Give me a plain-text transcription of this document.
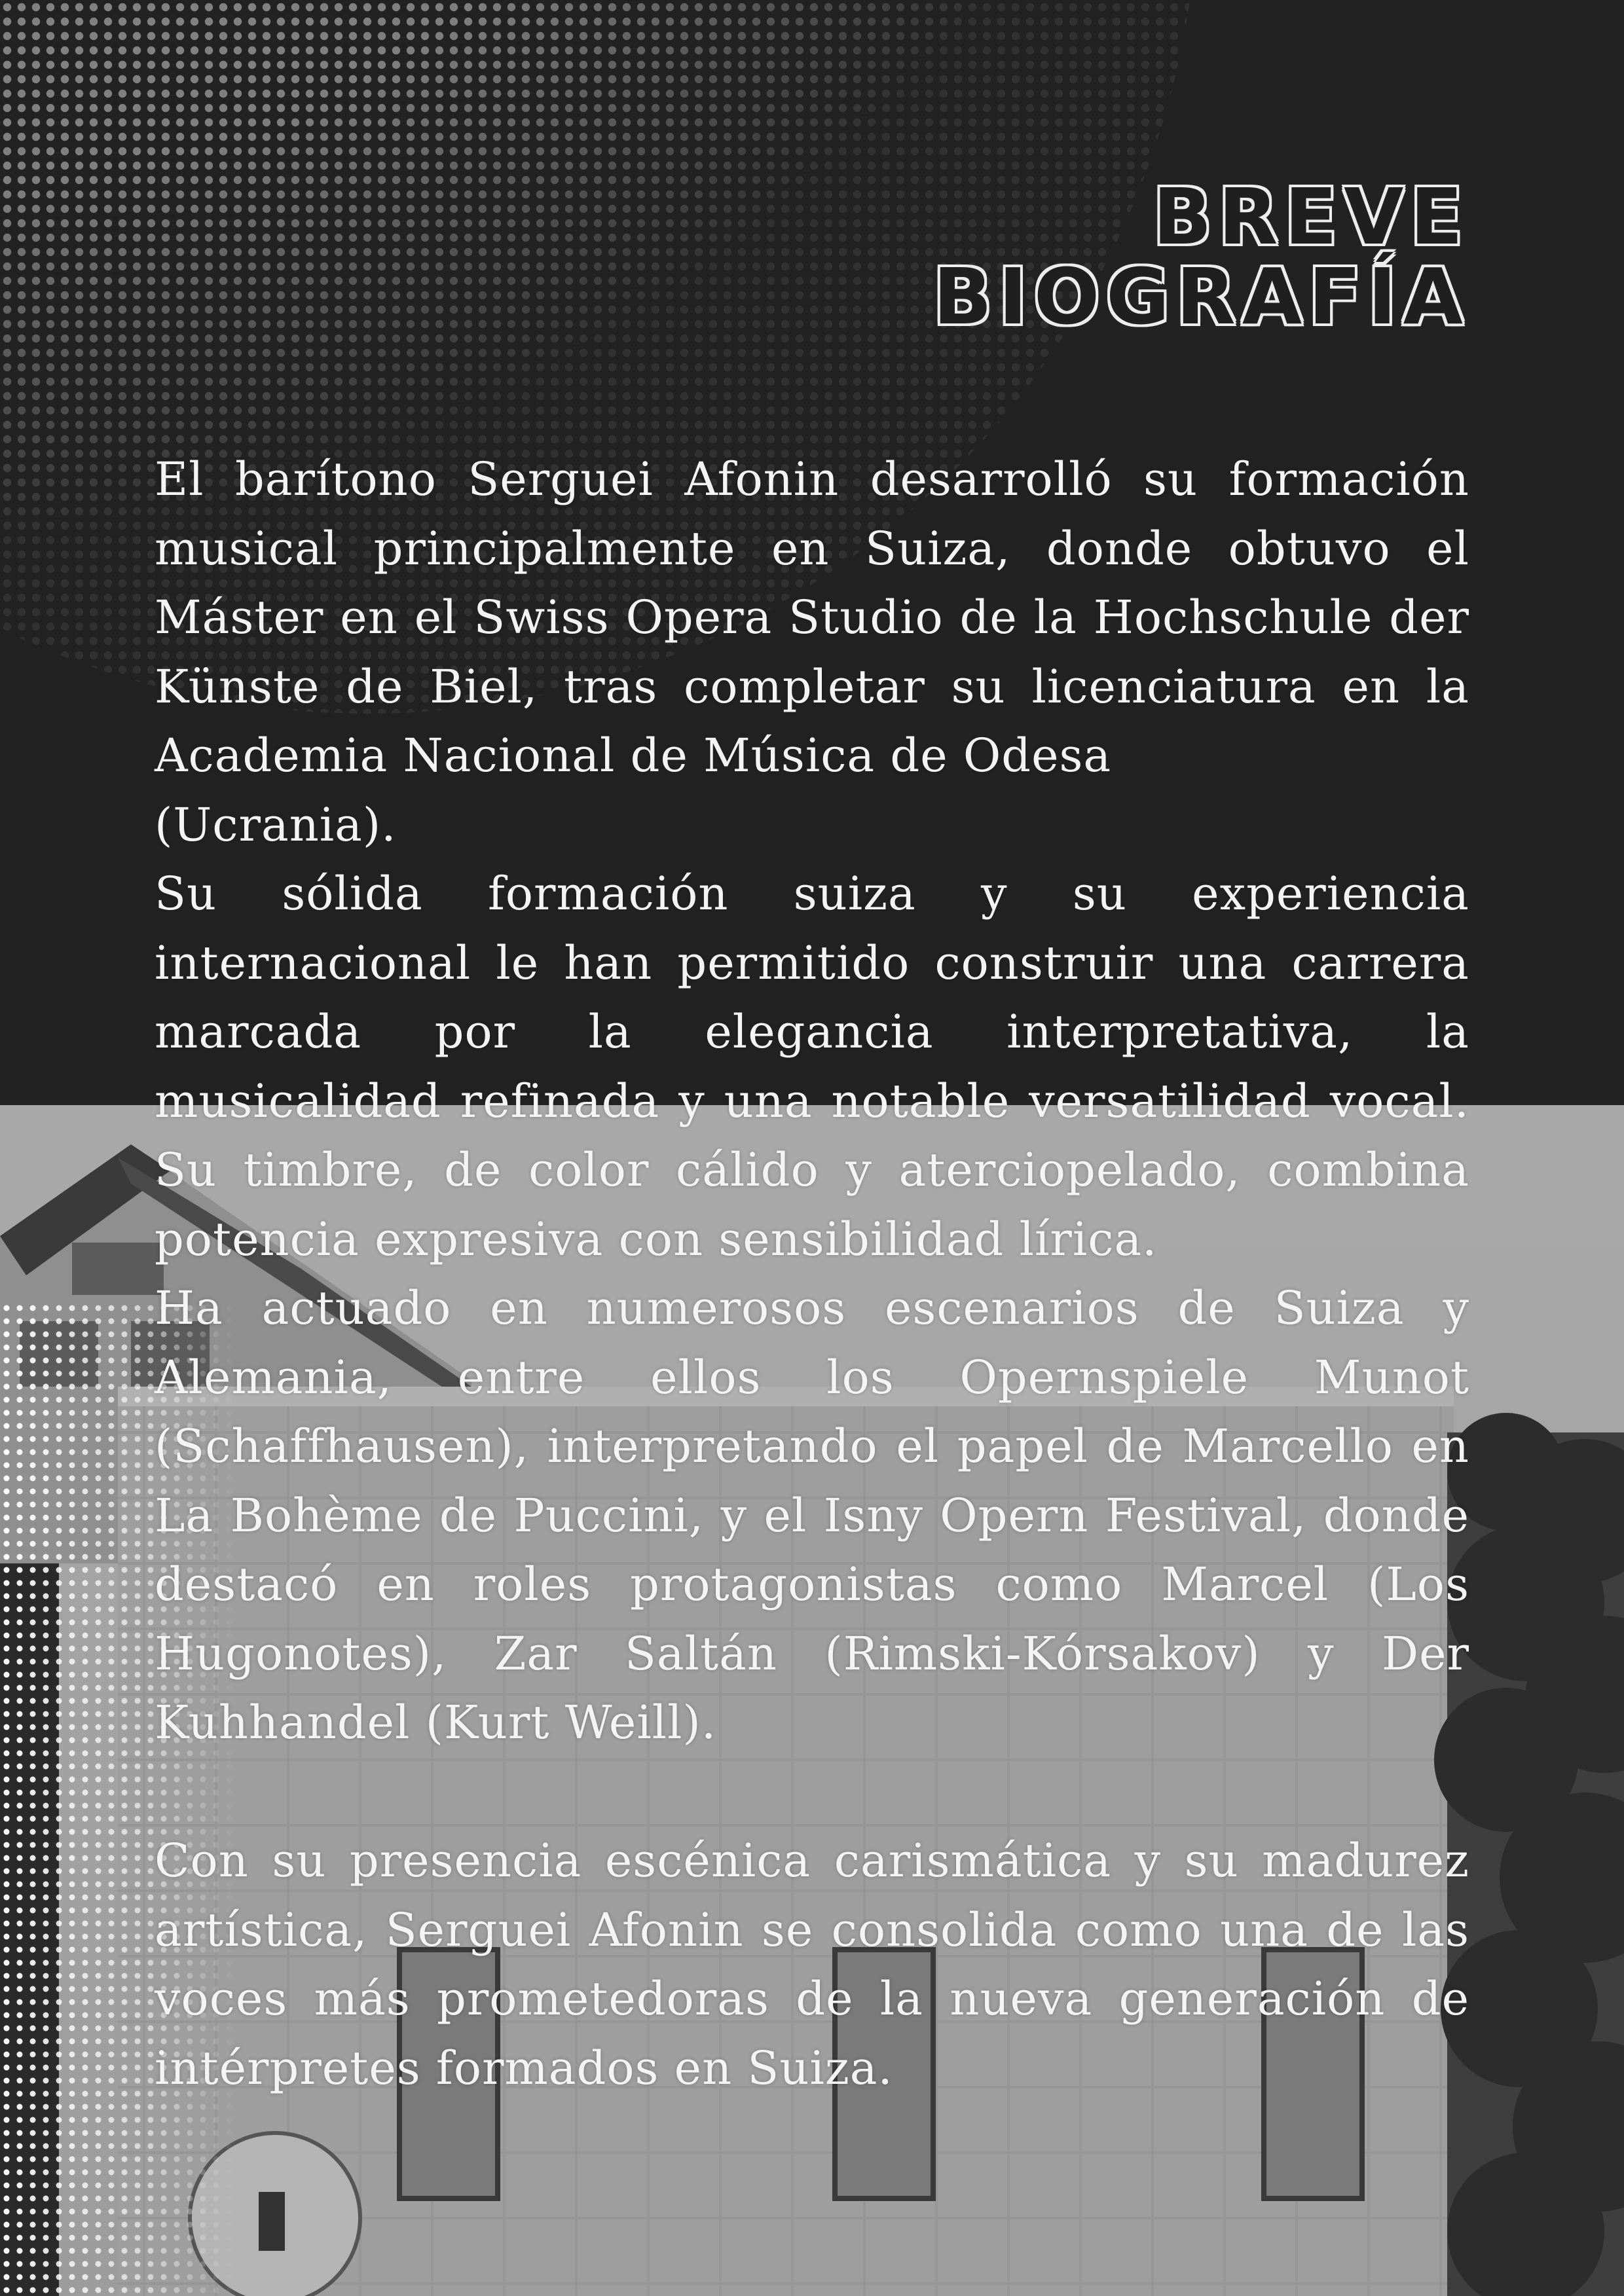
BREVE
BIOGRAFÍA

El barítono Serguei Afonin desarrolló su formación musical principalmente en Suiza, donde obtuvo el Máster en el Swiss Opera Studio de la Hochschule der Künste de Biel, tras completar su licenciatura en la Academia Nacional de Música de Odesa

(Ucrania).

Su sólida formación suiza y su experiencia internacional le han permitido construir una carrera marcada por la elegancia interpretativa, la musicalidad refinada y una notable versatilidad vocal. Su timbre, de color cálido y aterciopelado, combina potencia expresiva con sensibilidad lírica.

Ha actuado en numerosos escenarios de Suiza y Alemania, entre ellos los Opernspiele Munot (Schaffhausen), interpretando el papel de Marcello en La Bohème de Puccini, y el Isny Opern Festival, donde destacó en roles protagonistas como Marcel (Los Hugonotes), Zar Saltán (Rimski-Kórsakov) y Der Kuhhandel (Kurt Weill).

Con su presencia escénica carismática y su madurez artística, Serguei Afonin se consolida como una de las voces más prometedoras de la nueva generación de intérpretes formados en Suiza.
